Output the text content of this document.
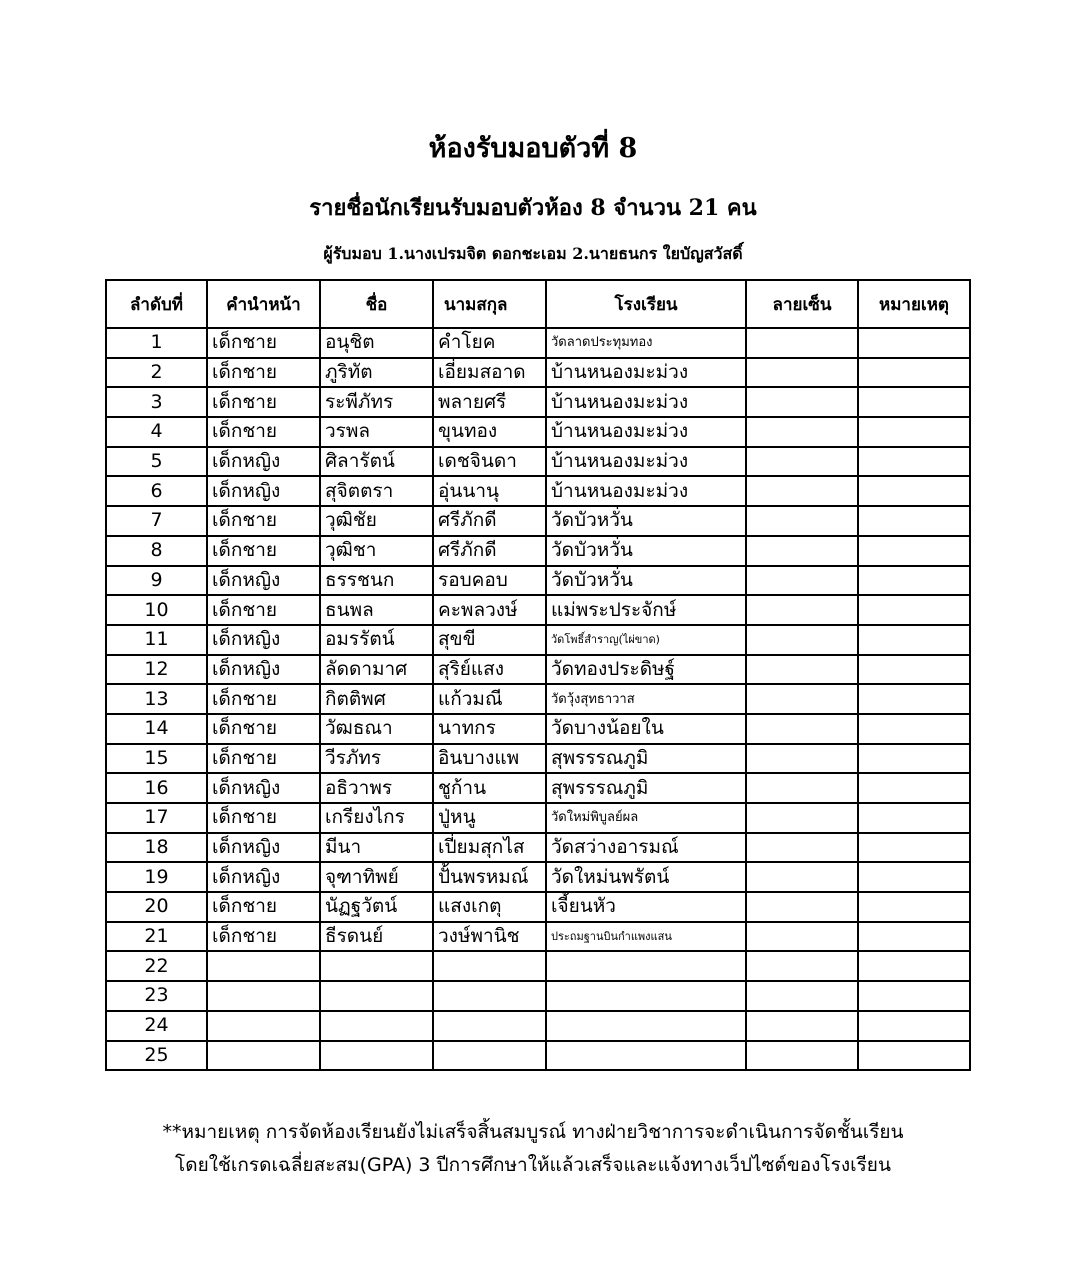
ห้องรับมอบตัวที่ 8
รายชื่อนักเรียนรับมอบตัวห้อง 8 จำนวน 21 คน
ผู้รับมอบ 1.นางเปรมจิต ดอกชะเอม 2.นายธนกร ใยบัญสวัสดิ์
ลำดับที่	คำนำหน้า	ชื่อ	นามสกุล	โรงเรียน	ลายเซ็น	หมายเหตุ
1	เด็กชาย	อนุชิต	คำโยค	วัดลาดประทุมทอง		
2	เด็กชาย	ภูริทัต	เอี่ยมสอาด	บ้านหนองมะม่วง		
3	เด็กชาย	ระพีภัทร	พลายศรี	บ้านหนองมะม่วง		
4	เด็กชาย	วรพล	ขุนทอง	บ้านหนองมะม่วง		
5	เด็กหญิง	ศิลารัตน์	เดชจินดา	บ้านหนองมะม่วง		
6	เด็กหญิง	สุจิตตรา	อุ่นนานุ	บ้านหนองมะม่วง		
7	เด็กชาย	วุฒิชัย	ศรีภักดี	วัดบัวหวั่น		
8	เด็กชาย	วุฒิชา	ศรีภักดี	วัดบัวหวั่น		
9	เด็กหญิง	ธรรชนก	รอบคอบ	วัดบัวหวั่น		
10	เด็กชาย	ธนพล	คะพลวงษ์	แม่พระประจักษ์		
11	เด็กหญิง	อมรรัตน์	สุขขี	วัดโพธิ์สำราญ(ไผ่ขาด)		
12	เด็กหญิง	ลัดดามาศ	สุริย์แสง	วัดทองประดิษฐ์		
13	เด็กชาย	กิตติพศ	แก้วมณี	วัดวุ้งสุทธาวาส		
14	เด็กชาย	วัฒธณา	นาทกร	วัดบางน้อยใน		
15	เด็กชาย	วีรภัทร	อินบางแพ	สุพรรรณภูมิ		
16	เด็กหญิง	อธิวาพร	ชูก้าน	สุพรรรณภูมิ		
17	เด็กชาย	เกรียงไกร	ปู่หนู	วัดใหม่พิบูลย์ผล		
18	เด็กหญิง	มีนา	เปี่ยมสุกไส	วัดสว่างอารมณ์		
19	เด็กหญิง	จุฑาทิพย์	ปั้นพรหมณ์	วัดใหม่นพรัตน์		
20	เด็กชาย	นัฏฐวัตน์	แสงเกตุ	เจี้ยนหัว		
21	เด็กชาย	ธีรดนย์	วงษ์พานิช	ประถมฐานบินกำแพงแสน		
22						
23						
24						
25						
**หมายเหตุ การจัดห้องเรียนยังไม่เสร็จสิ้นสมบูรณ์ ทางฝ่ายวิชาการจะดำเนินการจัดชั้นเรียน
โดยใช้เกรดเฉลี่ยสะสม(GPA) 3 ปีการศึกษาให้แล้วเสร็จและแจ้งทางเว็ปไซต์ของโรงเรียน
